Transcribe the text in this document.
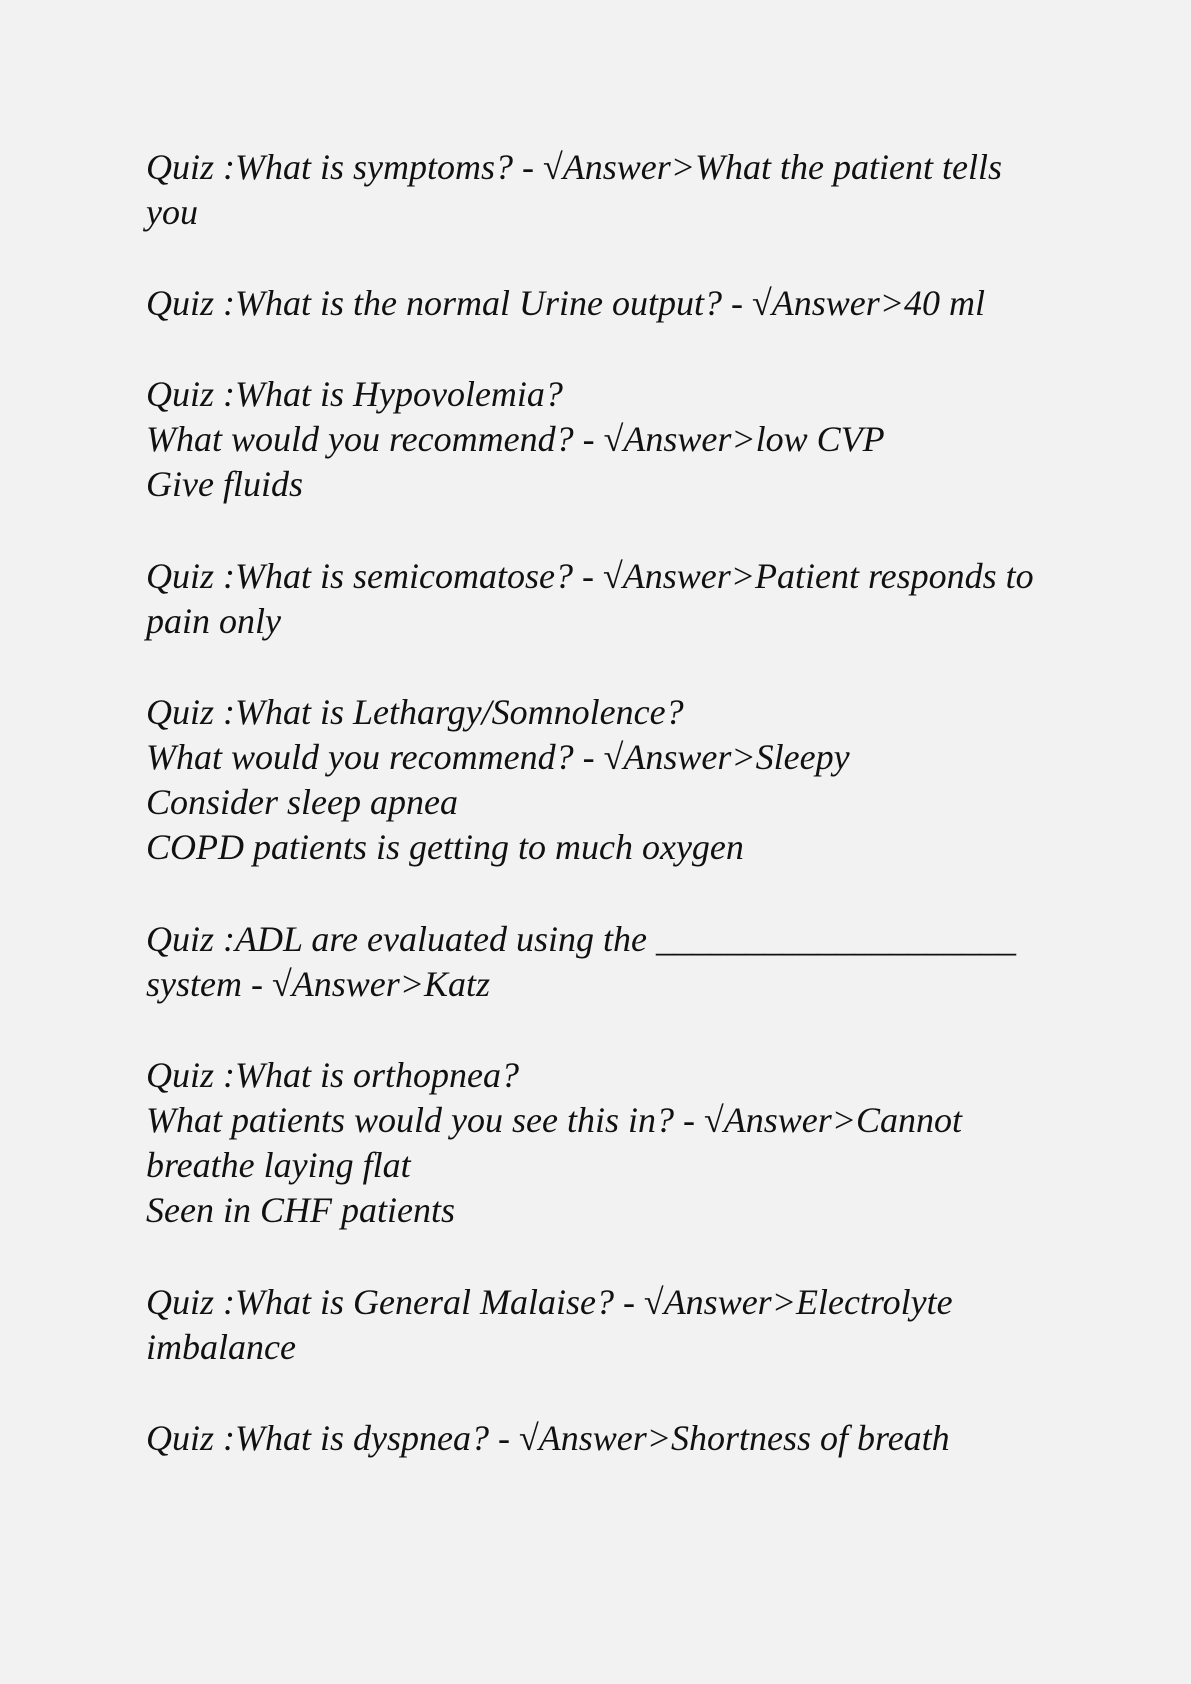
Quiz :What is symptoms? - √Answer>What the patient tells you

Quiz :What is the normal Urine output? - √Answer>40 ml

Quiz :What is Hypovolemia?
What would you recommend? - √Answer>low CVP
Give fluids

Quiz :What is semicomatose? - √Answer>Patient responds to pain only

Quiz :What is Lethargy/Somnolence?
What would you recommend? - √Answer>Sleepy
Consider sleep apnea
COPD patients is getting to much oxygen

Quiz :ADL are evaluated using the ____________________ system - √Answer>Katz

Quiz :What is orthopnea?
What patients would you see this in? - √Answer>Cannot breathe laying flat
Seen in CHF patients

Quiz :What is General Malaise? - √Answer>Electrolyte imbalance

Quiz :What is dyspnea? - √Answer>Shortness of breath
